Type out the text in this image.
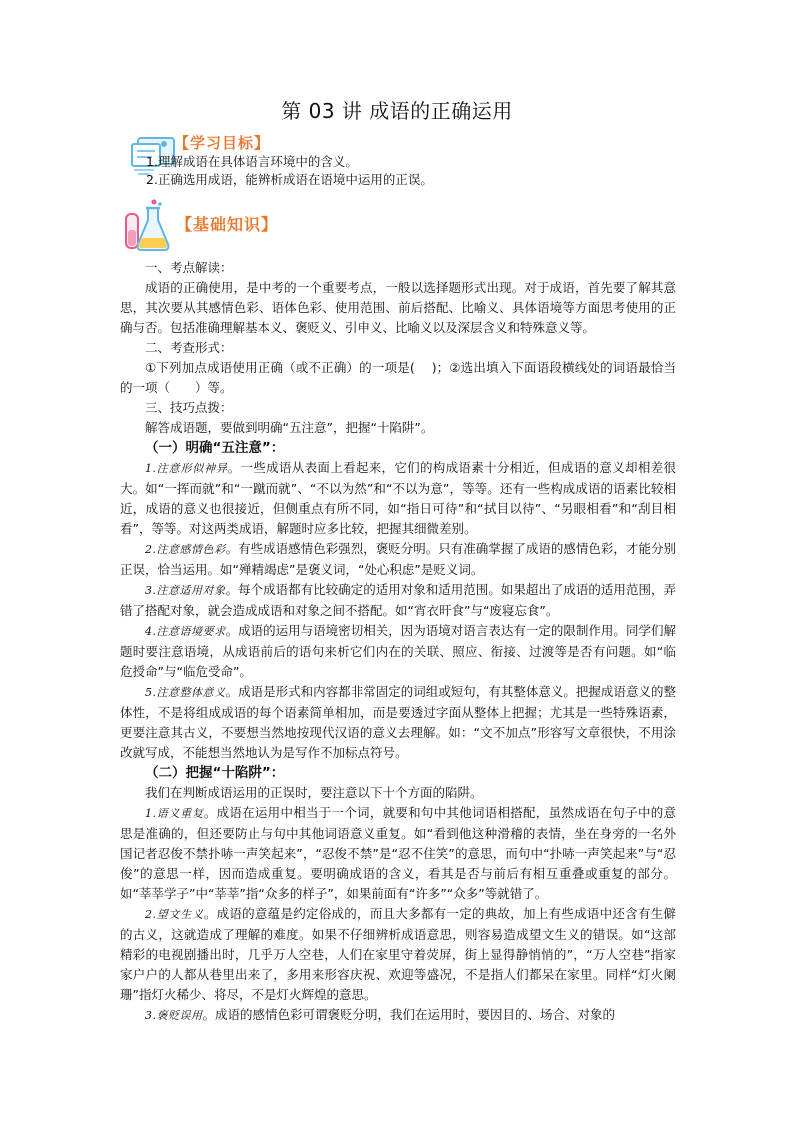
第 03 讲 成语的正确运用
【学习目标】
1.理解成语在具体语言环境中的含义。
2.正确选用成语，能辨析成语在语境中运用的正误。
【基础知识】

一、考点解读：

成语的正确使用，是中考的一个重要考点，一般以选择题形式出现。对于成语，首先要了解其意思，其次要从其感情色彩、语体色彩、使用范围、前后搭配、比喻义、具体语境等方面思考使用的正确与否。包括准确理解基本义、褒贬义、引申义、比喻义以及深层含义和特殊意义等。

二、考查形式：

①下列加点成语使用正确（或不正确）的一项是(　 )；②选出填入下面语段横线处的词语最恰当的一项（　　）等。

三、技巧点拨：

解答成语题，要做到明确“五注意”，把握“十陷阱”。

（一）明确“五注意”：

1.注意形似神异。一些成语从表面上看起来，它们的构成语素十分相近，但成语的意义却相差很大。如“一挥而就”和“一蹴而就”、“不以为然”和“不以为意”，等等。还有一些构成成语的语素比较相近，成语的意义也很接近，但侧重点有所不同，如“指日可待”和“拭目以待”、“另眼相看”和“刮目相看”，等等。对这两类成语，解题时应多比较，把握其细微差别。

2.注意感情色彩。有些成语感情色彩强烈，褒贬分明。只有准确掌握了成语的感情色彩，才能分别正误，恰当运用。如“殚精竭虑”是褒义词，“处心积虑”是贬义词。

3.注意适用对象。每个成语都有比较确定的适用对象和适用范围。如果超出了成语的适用范围，弄错了搭配对象，就会造成成语和对象之间不搭配。如“宵衣旰食”与“废寝忘食”。

4.注意语境要求。成语的运用与语境密切相关，因为语境对语言表达有一定的限制作用。同学们解题时要注意语境，从成语前后的语句来析它们内在的关联、照应、衔接、过渡等是否有问题。如“临危授命”与“临危受命”。

5.注意整体意义。成语是形式和内容都非常固定的词组或短句，有其整体意义。把握成语意义的整体性，不是将组成成语的每个语素简单相加，而是要透过字面从整体上把握；尤其是一些特殊语素，更要注意其古义，不要想当然地按现代汉语的意义去理解。如：“文不加点”形容写文章很快，不用涂改就写成，不能想当然地认为是写作不加标点符号。

（二）把握“十陷阱”：

我们在判断成语运用的正误时，要注意以下十个方面的陷阱。

1.语义重复。成语在运用中相当于一个词，就要和句中其他词语相搭配，虽然成语在句子中的意思是准确的，但还要防止与句中其他词语意义重复。如“看到他这种滑稽的表情，坐在身旁的一名外国记者忍俊不禁扑哧一声笑起来”，“忍俊不禁”是“忍不住笑”的意思，而句中“扑哧一声笑起来”与“忍俊”的意思一样，因而造成重复。要明确成语的含义，看其是否与前后有相互重叠或重复的部分。如“莘莘学子”中“莘莘”指“众多的样子”，如果前面有“许多”“众多”等就错了。

2.望文生义。成语的意蕴是约定俗成的，而且大多都有一定的典故，加上有些成语中还含有生僻的古义，这就造成了理解的难度。如果不仔细辨析成语意思，则容易造成望文生义的错误。如“这部精彩的电视剧播出时，几乎万人空巷，人们在家里守着荧屏，街上显得静悄悄的”，“万人空巷”指家家户户的人都从巷里出来了，多用来形容庆祝、欢迎等盛况，不是指人们都呆在家里。同样“灯火阑珊”指灯火稀少、将尽，不是灯火辉煌的意思。

3.褒贬误用。成语的感情色彩可谓褒贬分明，我们在运用时，要因目的、场合、对象的
